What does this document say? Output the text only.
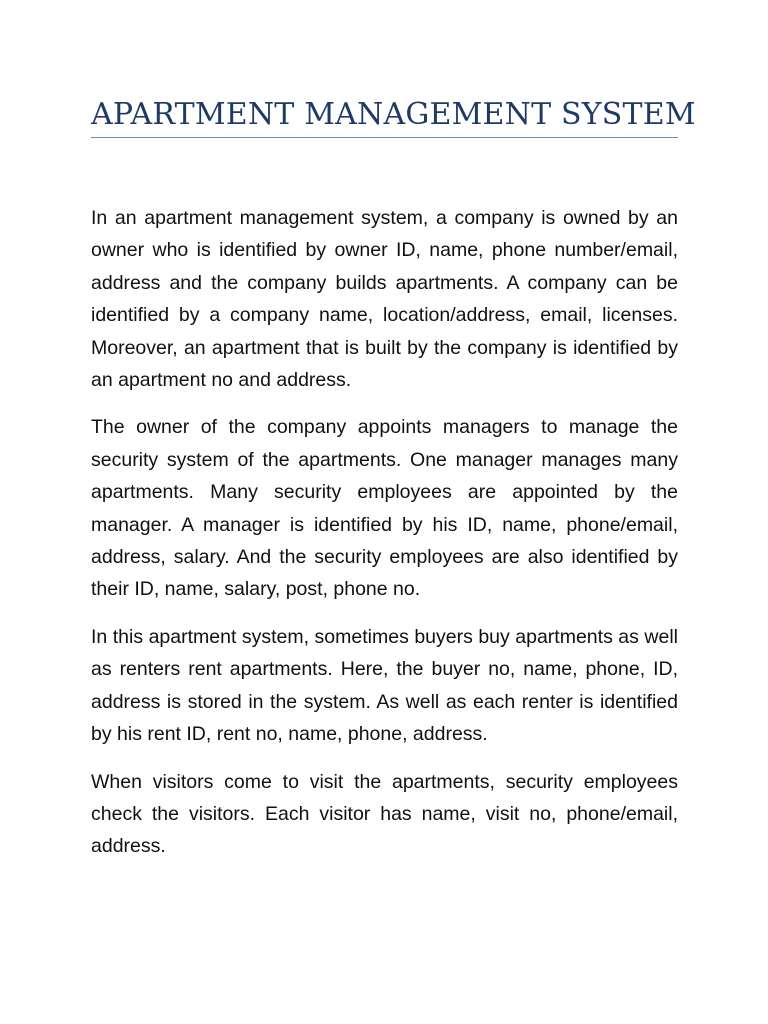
APARTMENT MANAGEMENT SYSTEM

In an apartment management system, a company is owned by an owner who is identified by owner ID, name, phone number/email, address and the company builds apartments. A company can be identified by a company name, location/address, email, licenses. Moreover, an apartment that is built by the company is identified by an apartment no and address.

The owner of the company appoints managers to manage the security system of the apartments. One manager manages many apartments. Many security employees are appointed by the manager. A manager is identified by his ID, name, phone/email, address, salary. And the security employees are also identified by their ID, name, salary, post, phone no.

In this apartment system, sometimes buyers buy apartments as well as renters rent apartments. Here, the buyer no, name, phone, ID, address is stored in the system. As well as each renter is identified by his rent ID, rent no, name, phone, address.

When visitors come to visit the apartments, security employees check the visitors. Each visitor has name, visit no, phone/email, address.
